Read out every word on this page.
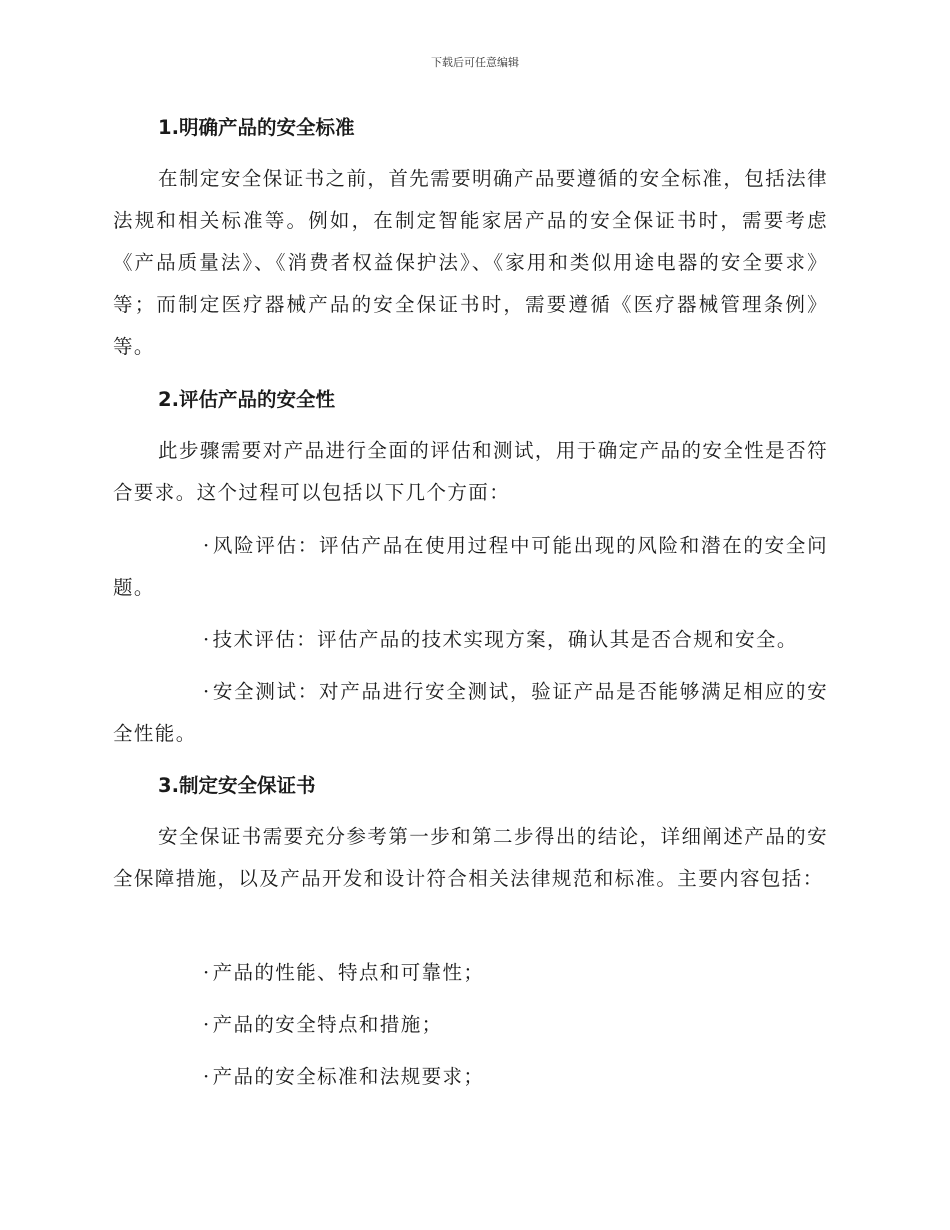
下载后可任意编辑
1.明确产品的安全标准

在制定安全保证书之前，首先需要明确产品要遵循的安全标准，包括法律法规和相关标准等。例如，在制定智能家居产品的安全保证书时，需要考虑《产品质量法》、《消费者权益保护法》、《家用和类似用途电器的安全要求》等；而制定医疗器械产品的安全保证书时，需要遵循《医疗器械管理条例》等。

2.评估产品的安全性

此步骤需要对产品进行全面的评估和测试，用于确定产品的安全性是否符合要求。这个过程可以包括以下几个方面：

· 风险评估：评估产品在使用过程中可能出现的风险和潜在的安全问题。

· 技术评估：评估产品的技术实现方案，确认其是否合规和安全。

· 安全测试：对产品进行安全测试，验证产品是否能够满足相应的安全性能。

3.制定安全保证书

安全保证书需要充分参考第一步和第二步得出的结论，详细阐述产品的安全保障措施，以及产品开发和设计符合相关法律规范和标准。主要内容包括：

· 产品的性能、特点和可靠性；

· 产品的安全特点和措施；

· 产品的安全标准和法规要求；
